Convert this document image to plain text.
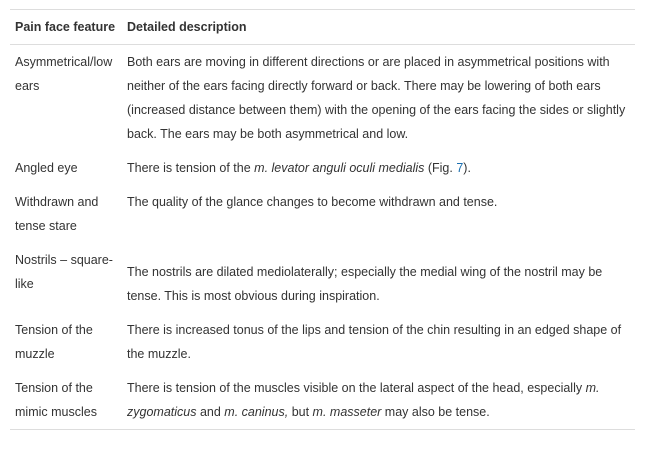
Pain face feature	Detailed description
Asymmetrical/low ears	Both ears are moving in different directions or are placed in asymmetrical positions with neither of the ears facing directly forward or back. There may be lowering of both ears (increased distance between them) with the opening of the ears facing the sides or slightly back. The ears may be both asymmetrical and low.
Angled eye	There is tension of the m. levator anguli oculi medialis (Fig. 7).
Withdrawn and tense stare	The quality of the glance changes to become withdrawn and tense.
Nostrils – square-like	The nostrils are dilated mediolaterally; especially the medial wing of the nostril may be tense. This is most obvious during inspiration.
Tension of the muzzle	There is increased tonus of the lips and tension of the chin resulting in an edged shape of the muzzle.
Tension of the mimic muscles	There is tension of the muscles visible on the lateral aspect of the head, especially m. zygomaticus and m. caninus, but m. masseter may also be tense.
